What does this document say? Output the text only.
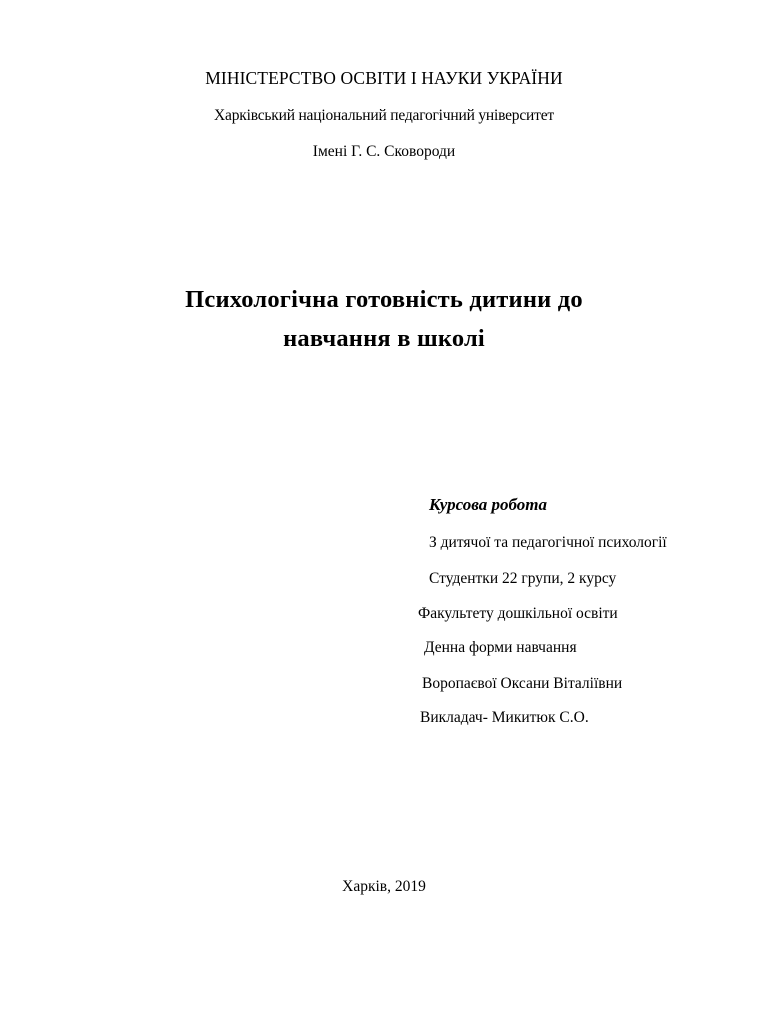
МІНІСТЕРСТВО ОСВІТИ І НАУКИ УКРАЇНИ
Харківський національний педагогічний університет
Імені Г. С. Сковороди
Психологічна готовність дитини до
навчання в школі
Курсова робота
З дитячої та педагогічної психології
Студентки 22 групи, 2 курсу
Факультету дошкільної освіти
Денна форми навчання
Воропаєвої Оксани Віталіївни
Викладач- Микитюк С.О.
Харків, 2019
